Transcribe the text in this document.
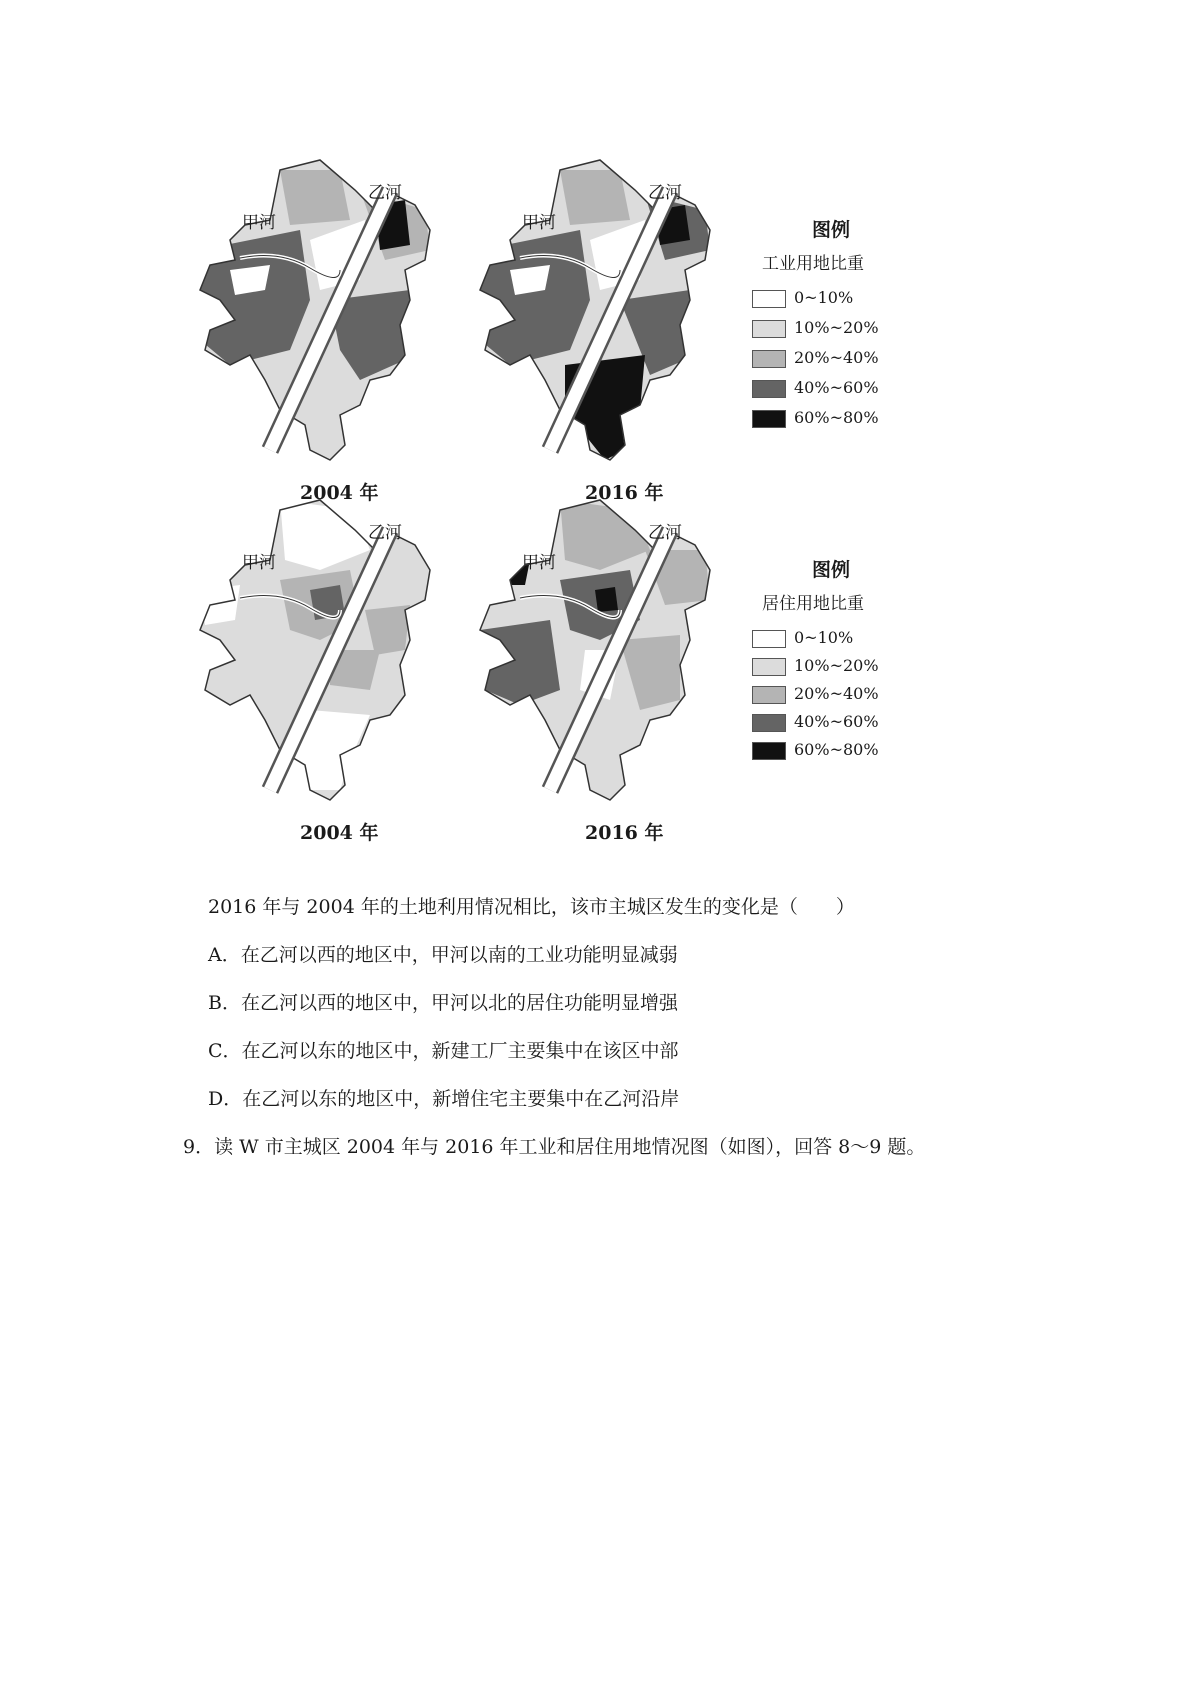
甲河
乙河
2004 年
甲河
乙河
2016 年
图例
工业用地比重
0~10%
10%~20%
20%~40%
40%~60%
60%~80%
甲河
乙河
2004 年
甲河
乙河
2016 年
图例
居住用地比重
0~10%
10%~20%
20%~40%
40%~60%
60%~80%
2016 年与 2004 年的土地利用情况相比，该市主城区发生的变化是（　　）
A．在乙河以西的地区中，甲河以南的工业功能明显减弱
B．在乙河以西的地区中，甲河以北的居住功能明显增强
C．在乙河以东的地区中，新建工厂主要集中在该区中部
D．在乙河以东的地区中，新增住宅主要集中在乙河沿岸
9．读 W 市主城区 2004 年与 2016 年工业和居住用地情况图（如图），回答 8～9 题。
